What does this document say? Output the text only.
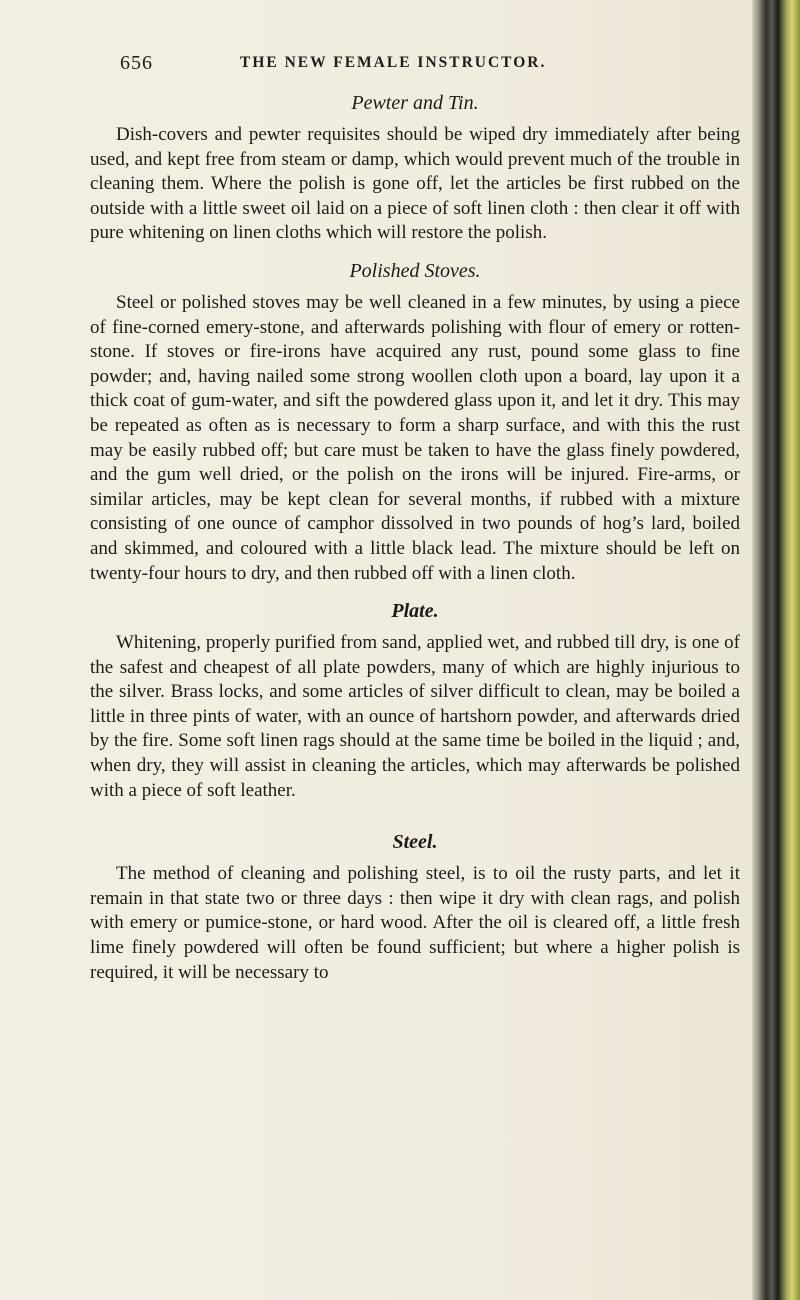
656	THE NEW FEMALE INSTRUCTOR.
Pewter and Tin.

Dish-covers and pewter requisites should be wiped dry immediately after being used, and kept free from steam or damp, which would prevent much of the trouble in cleaning them. Where the polish is gone off, let the articles be first rubbed on the outside with a little sweet oil laid on a piece of soft linen cloth : then clear it off with pure whitening on linen cloths which will restore the polish.

Polished Stoves.

Steel or polished stoves may be well cleaned in a few minutes, by using a piece of fine-corned emery-stone, and afterwards polishing with flour of emery or rotten-stone. If stoves or fire-irons have acquired any rust, pound some glass to fine powder; and, having nailed some strong woollen cloth upon a board, lay upon it a thick coat of gum-water, and sift the powdered glass upon it, and let it dry. This may be repeated as often as is necessary to form a sharp surface, and with this the rust may be easily rubbed off; but care must be taken to have the glass finely powdered, and the gum well dried, or the polish on the irons will be injured. Fire-arms, or similar articles, may be kept clean for several months, if rubbed with a mixture consisting of one ounce of camphor dissolved in two pounds of hog’s lard, boiled and skimmed, and coloured with a little black lead. The mixture should be left on twenty-four hours to dry, and then rubbed off with a linen cloth.

Plate.

Whitening, properly purified from sand, applied wet, and rubbed till dry, is one of the safest and cheapest of all plate powders, many of which are highly injurious to the silver. Brass locks, and some articles of silver difficult to clean, may be boiled a little in three pints of water, with an ounce of hartshorn powder, and afterwards dried by the fire. Some soft linen rags should at the same time be boiled in the liquid ; and, when dry, they will assist in cleaning the articles, which may afterwards be polished with a piece of soft leather.

Steel.

The method of cleaning and polishing steel, is to oil the rusty parts, and let it remain in that state two or three days : then wipe it dry with clean rags, and polish with emery or pumice-stone, or hard wood. After the oil is cleared off, a little fresh lime finely powdered will often be found sufficient; but where a higher polish is required, it will be necessary to
